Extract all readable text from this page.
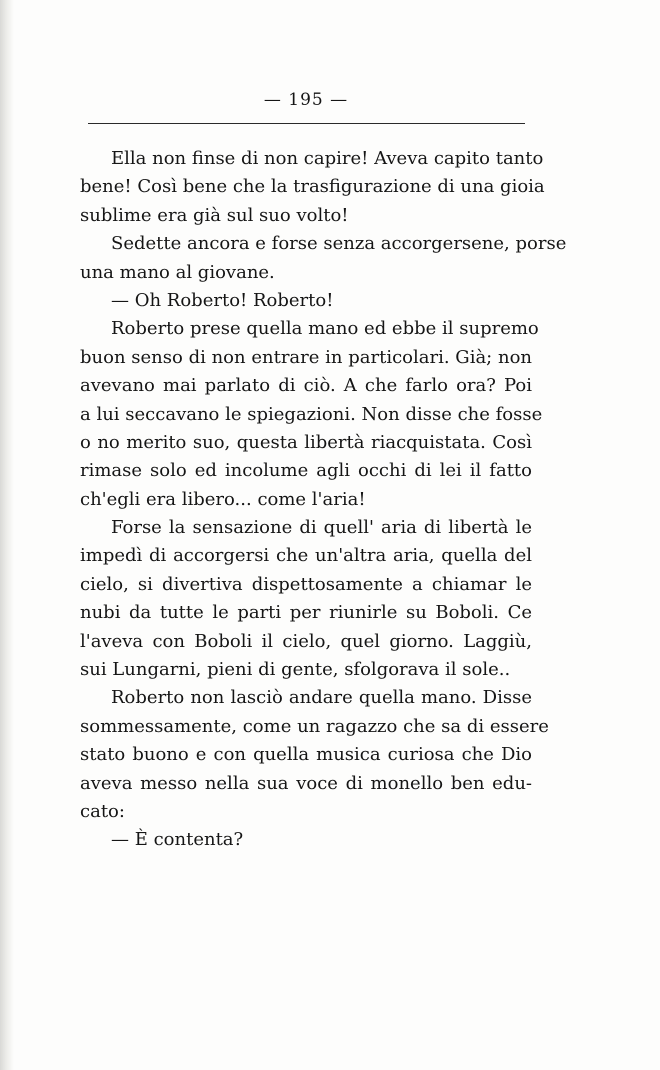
— 195 —
Ella non finse di non capire! Aveva capito tanto
bene! Così bene che la trasfigurazione di una gioia
sublime era già sul suo volto!
Sedette ancora e forse senza accorgersene, porse
una mano al giovane.
— Oh Roberto! Roberto!
Roberto prese quella mano ed ebbe il supremo
buon senso di non entrare in particolari. Già; non
avevano mai parlato di ciò. A che farlo ora? Poi
a lui seccavano le spiegazioni. Non disse che fosse
o no merito suo, questa libertà riacquistata. Così
rimase solo ed incolume agli occhi di lei il fatto
ch'egli era libero... come l'aria!
Forse la sensazione di quell' aria di libertà le
impedì di accorgersi che un'altra aria, quella del
cielo, si divertiva dispettosamente a chiamar le
nubi da tutte le parti per riunirle su Boboli. Ce
l'aveva con Boboli il cielo, quel giorno. Laggiù,
sui Lungarni, pieni di gente, sfolgorava il sole..
Roberto non lasciò andare quella mano. Disse
sommessamente, come un ragazzo che sa di essere
stato buono e con quella musica curiosa che Dio
aveva messo nella sua voce di monello ben edu-
cato:
— È contenta?
